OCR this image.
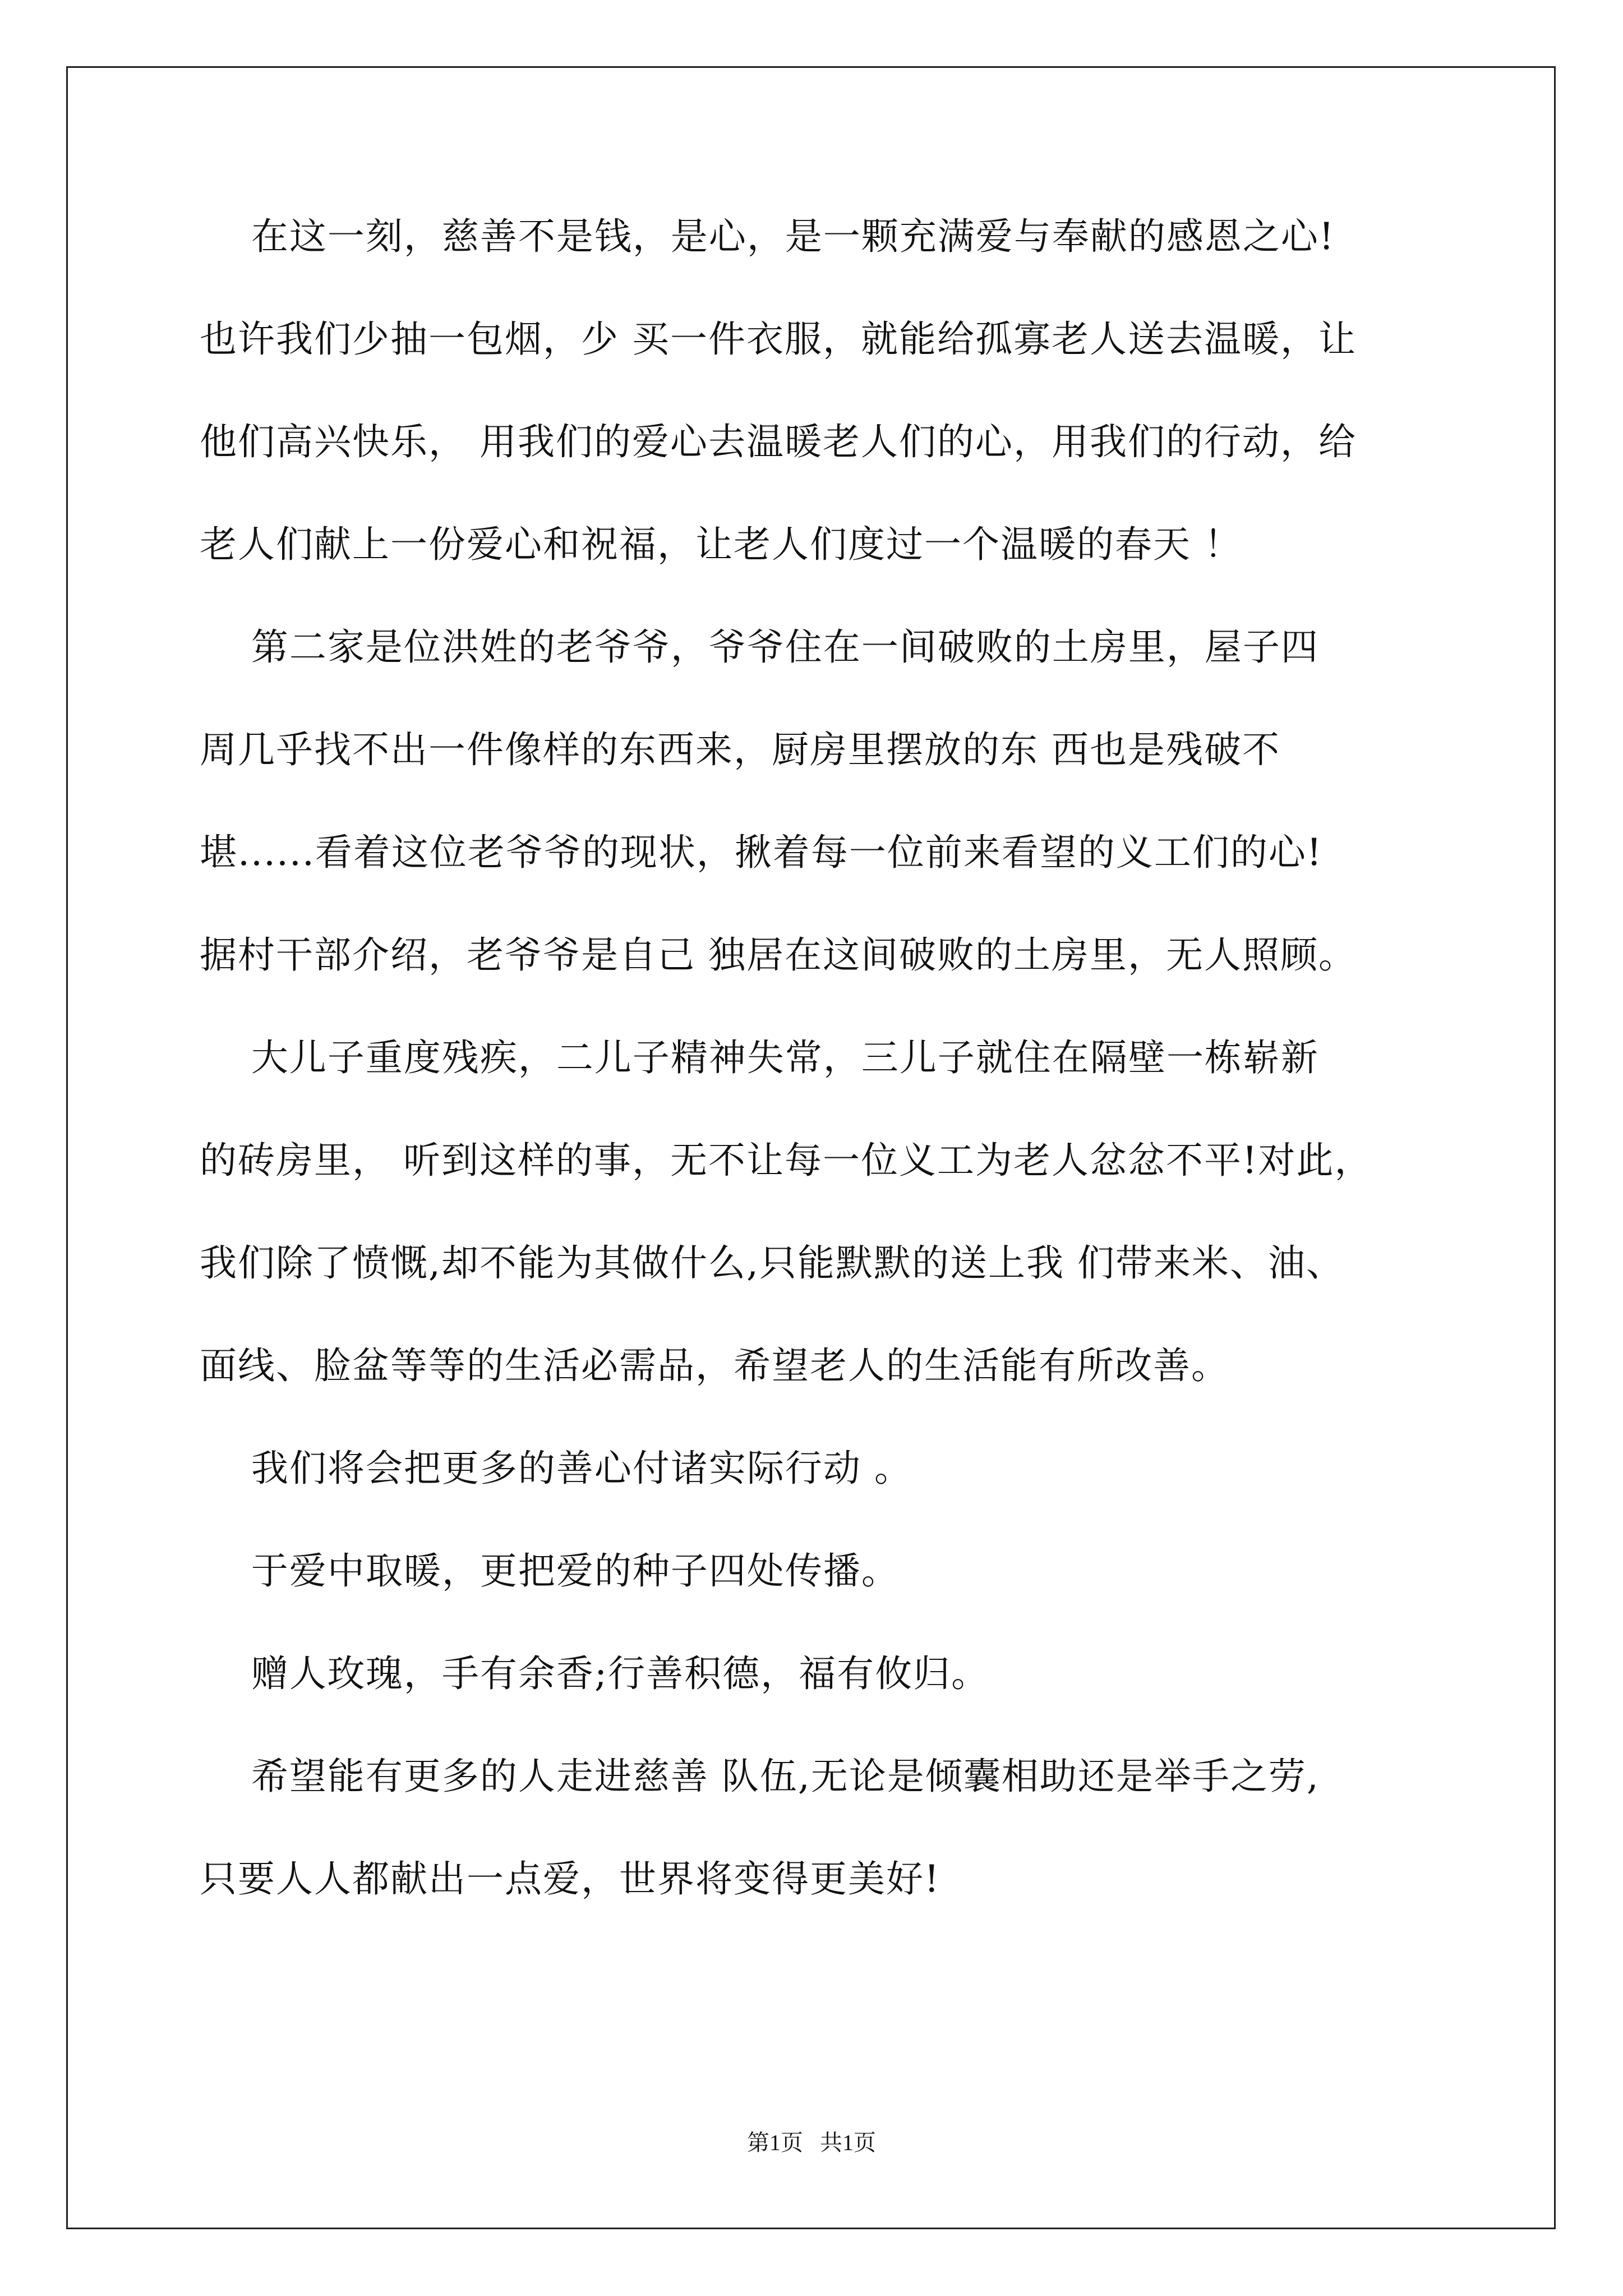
在这一刻，慈善不是钱，是心，是一颗充满爱与奉献的感恩之心!
也许我们少抽一包烟，少 买一件衣服，就能给孤寡老人送去温暖，让
他们高兴快乐， 用我们的爱心去温暖老人们的心，用我们的行动，给
老人们献上一份爱心和祝福，让老人们度过一个温暖的春天 ！
第二家是位洪姓的老爷爷，爷爷住在一间破败的土房里，屋子四
周几乎找不出一件像样的东西来，厨房里摆放的东 西也是残破不
堪......看着这位老爷爷的现状，揪着每一位前来看望的义工们的心!
据村干部介绍，老爷爷是自己 独居在这间破败的土房里，无人照顾。
大儿子重度残疾，二儿子精神失常，三儿子就住在隔壁一栋崭新
的砖房里， 听到这样的事，无不让每一位义工为老人忿忿不平!对此，
我们除了愤慨,却不能为其做什么,只能默默的送上我 们带来米、油、
面线、脸盆等等的生活必需品，希望老人的生活能有所改善。
我们将会把更多的善心付诸实际行动 。
于爱中取暖，更把爱的种子四处传播。
赠人玫瑰，手有余香;行善积德，福有攸归。
希望能有更多的人走进慈善 队伍,无论是倾囊相助还是举手之劳,
只要人人都献出一点爱，世界将变得更美好!
第1页   共1页
